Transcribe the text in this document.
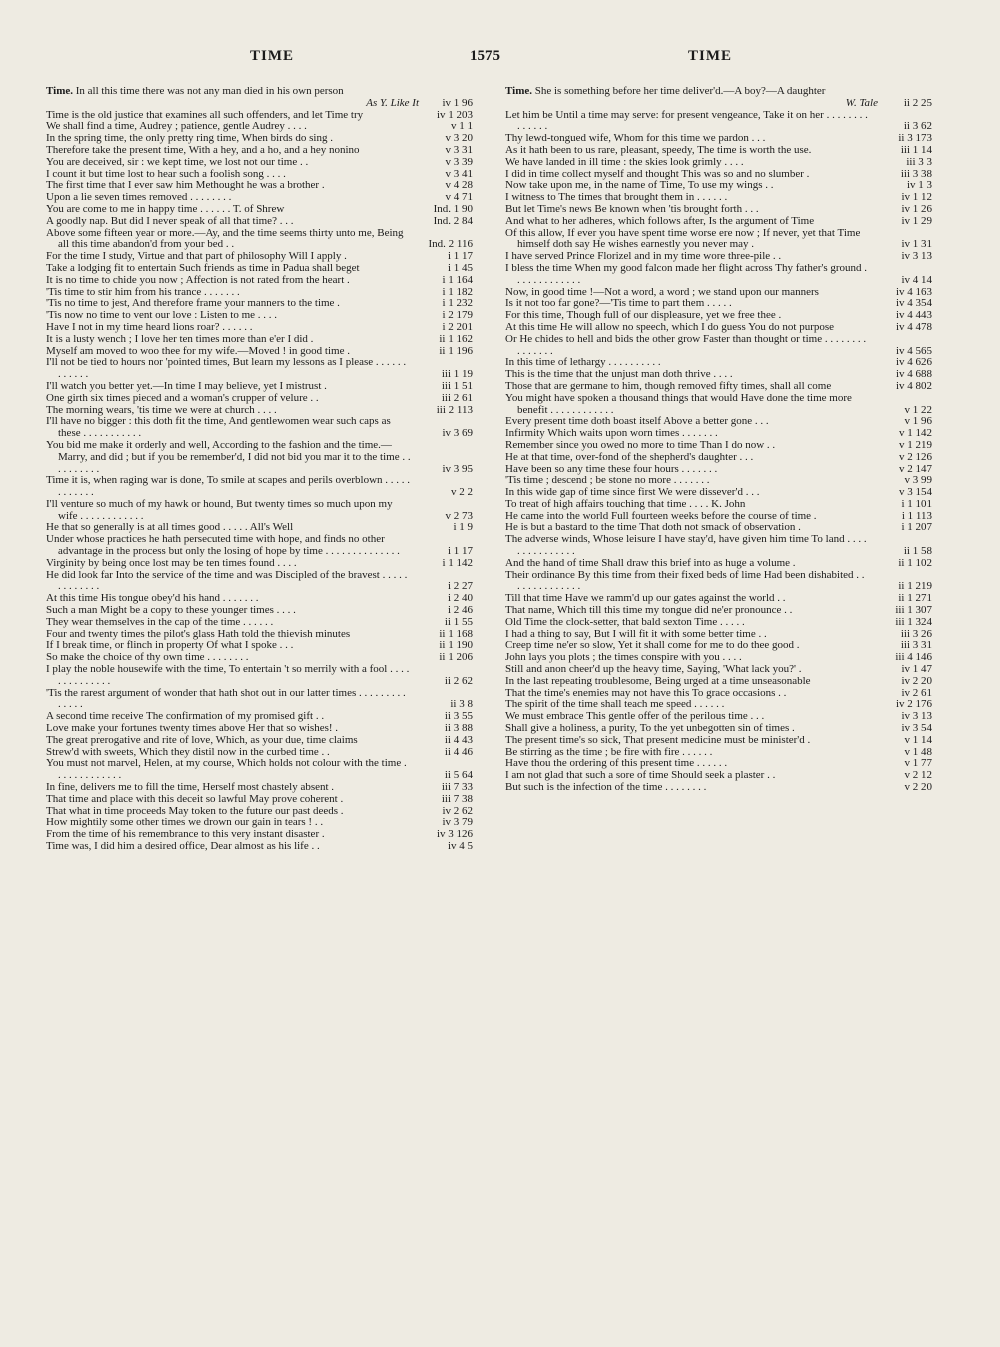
TIME	1575	TIME
Time. In all this time there was not any man died in his own person
As Y. Like It	iv 1 96
Time is the old justice that examines all such offenders, and let Time try	iv 1 203
We shall find a time, Audrey ; patience, gentle Audrey . . . .	v 1 1
In the spring time, the only pretty ring time, When birds do sing .	v 3 20
Therefore take the present time, With a hey, and a ho, and a hey nonino	v 3 31
You are deceived, sir : we kept time, we lost not our time . .	v 3 39
I count it but time lost to hear such a foolish song . . . .	v 3 41
The first time that I ever saw him Methought he was a brother .	v 4 28
Upon a lie seven times removed . . . . . . . .	v 4 71
You are come to me in happy time . . . . . . T. of Shrew	Ind. 1 90
A goodly nap. But did I never speak of all that time? . . .	Ind. 2 84
Above some fifteen year or more.—Ay, and the time seems thirty unto me, Being all this time abandon'd from your bed . .	Ind. 2 116
For the time I study, Virtue and that part of philosophy Will I apply .	i 1 17
Take a lodging fit to entertain Such friends as time in Padua shall beget	i 1 45
It is no time to chide you now ; Affection is not rated from the heart .	i 1 164
'Tis time to stir him from his trance . . . . . . .	i 1 182
'Tis no time to jest, And therefore frame your manners to the time .	i 1 232
'Tis now no time to vent our love : Listen to me . . . .	i 2 179
Have I not in my time heard lions roar? . . . . . .	i 2 201
It is a lusty wench ; I love her ten times more than e'er I did .	ii 1 162
Myself am moved to woo thee for my wife.—Moved ! in good time .	ii 1 196
I'll not be tied to hours nor 'pointed times, But learn my lessons as I please . . . . . . . . . . . .	iii 1 19
I'll watch you better yet.—In time I may believe, yet I mistrust .	iii 1 51
One girth six times pieced and a woman's crupper of velure . .	iii 2 61
The morning wears, 'tis time we were at church . . . .	iii 2 113
I'll have no bigger : this doth fit the time, And gentlewomen wear such caps as these . . . . . . . . . . .	iv 3 69
You bid me make it orderly and well, According to the fashion and the time.—Marry, and did ; but if you be remember'd, I did not bid you mar it to the time . . . . . . . . . .	iv 3 95
Time it is, when raging war is done, To smile at scapes and perils overblown . . . . . . . . . . . .	v 2 2
I'll venture so much of my hawk or hound, But twenty times so much upon my wife . . . . . . . . . . . .	v 2 73
He that so generally is at all times good . . . . . All's Well	i 1 9
Under whose practices he hath persecuted time with hope, and finds no other advantage in the process but only the losing of hope by time . . . . . . . . . . . . . .	i 1 17
Virginity by being once lost may be ten times found . . . .	i 1 142
He did look far Into the service of the time and was Discipled of the bravest . . . . . . . . . . . . .	i 2 27
At this time His tongue obey'd his hand . . . . . . .	i 2 40
Such a man Might be a copy to these younger times . . . .	i 2 46
They wear themselves in the cap of the time . . . . . .	ii 1 55
Four and twenty times the pilot's glass Hath told the thievish minutes	ii 1 168
If I break time, or flinch in property Of what I spoke . . .	ii 1 190
So make the choice of thy own time . . . . . . . .	ii 1 206
I play the noble housewife with the time, To entertain 't so merrily with a fool . . . . . . . . . . . . . .	ii 2 62
'Tis the rarest argument of wonder that hath shot out in our latter times . . . . . . . . . . . . . .	ii 3 8
A second time receive The confirmation of my promised gift . .	ii 3 55
Love make your fortunes twenty times above Her that so wishes! .	ii 3 88
The great prerogative and rite of love, Which, as your due, time claims	ii 4 43
Strew'd with sweets, Which they distil now in the curbed time . .	ii 4 46
You must not marvel, Helen, at my course, Which holds not colour with the time . . . . . . . . . . . . .	ii 5 64
In fine, delivers me to fill the time, Herself most chastely absent .	iii 7 33
That time and place with this deceit so lawful May prove coherent .	iii 7 38
That what in time proceeds May token to the future our past deeds .	iv 2 62
How mightily some other times we drown our gain in tears ! . .	iv 3 79
From the time of his remembrance to this very instant disaster .	iv 3 126
Time was, I did him a desired office, Dear almost as his life . .	iv 4 5
Time. She is something before her time deliver'd.—A boy?—A daughter
W. Tale	ii 2 25
Let him be Until a time may serve: for present vengeance, Take it on her . . . . . . . . . . . . . .	ii 3 62
Thy lewd-tongued wife, Whom for this time we pardon . . .	ii 3 173
As it hath been to us rare, pleasant, speedy, The time is worth the use.	iii 1 14
We have landed in ill time : the skies look grimly . . . .	iii 3 3
I did in time collect myself and thought This was so and no slumber .	iii 3 38
Now take upon me, in the name of Time, To use my wings . .	iv 1 3
I witness to The times that brought them in . . . . . .	iv 1 12
But let Time's news Be known when 'tis brought forth . . .	iv 1 26
And what to her adheres, which follows after, Is the argument of Time	iv 1 29
Of this allow, If ever you have spent time worse ere now ; If never, yet that Time himself doth say He wishes earnestly you never may .	iv 1 31
I have served Prince Florizel and in my time wore three-pile . .	iv 3 13
I bless the time When my good falcon made her flight across Thy father's ground . . . . . . . . . . . . .	iv 4 14
Now, in good time !—Not a word, a word ; we stand upon our manners	iv 4 163
Is it not too far gone?—'Tis time to part them . . . . .	iv 4 354
For this time, Though full of our displeasure, yet we free thee .	iv 4 443
At this time He will allow no speech, which I do guess You do not purpose	iv 4 478
Or He chides to hell and bids the other grow Faster than thought or time . . . . . . . . . . . . . . .	iv 4 565
In this time of lethargy . . . . . . . . . .	iv 4 626
This is the time that the unjust man doth thrive . . . .	iv 4 688
Those that are germane to him, though removed fifty times, shall all come	iv 4 802
You might have spoken a thousand things that would Have done the time more benefit . . . . . . . . . . . .	v 1 22
Every present time doth boast itself Above a better gone . . .	v 1 96
Infirmity Which waits upon worn times . . . . . . .	v 1 142
Remember since you owed no more to time Than I do now . .	v 1 219
He at that time, over-fond of the shepherd's daughter . . .	v 2 126
Have been so any time these four hours . . . . . . .	v 2 147
'Tis time ; descend ; be stone no more . . . . . . .	v 3 99
In this wide gap of time since first We were dissever'd . . .	v 3 154
To treat of high affairs touching that time . . . . K. John	i 1 101
He came into the world Full fourteen weeks before the course of time .	i 1 113
He is but a bastard to the time That doth not smack of observation .	i 1 207
The adverse winds, Whose leisure I have stay'd, have given him time To land . . . . . . . . . . . . . . .	ii 1 58
And the hand of time Shall draw this brief into as huge a volume .	ii 1 102
Their ordinance By this time from their fixed beds of lime Had been dishabited . . . . . . . . . . . . . .	ii 1 219
Till that time Have we ramm'd up our gates against the world . .	ii 1 271
That name, Which till this time my tongue did ne'er pronounce . .	iii 1 307
Old Time the clock-setter, that bald sexton Time . . . . .	iii 1 324
I had a thing to say, But I will fit it with some better time . .	iii 3 26
Creep time ne'er so slow, Yet it shall come for me to do thee good .	iii 3 31
John lays you plots ; the times conspire with you . . . .	iii 4 146
Still and anon cheer'd up the heavy time, Saying, 'What lack you?' .	iv 1 47
In the last repeating troublesome, Being urged at a time unseasonable	iv 2 20
That the time's enemies may not have this To grace occasions . .	iv 2 61
The spirit of the time shall teach me speed . . . . . .	iv 2 176
We must embrace This gentle offer of the perilous time . . .	iv 3 13
Shall give a holiness, a purity, To the yet unbegotten sin of times .	iv 3 54
The present time's so sick, That present medicine must be minister'd .	v 1 14
Be stirring as the time ; be fire with fire . . . . . .	v 1 48
Have thou the ordering of this present time . . . . . .	v 1 77
I am not glad that such a sore of time Should seek a plaster . .	v 2 12
But such is the infection of the time . . . . . . . .	v 2 20
